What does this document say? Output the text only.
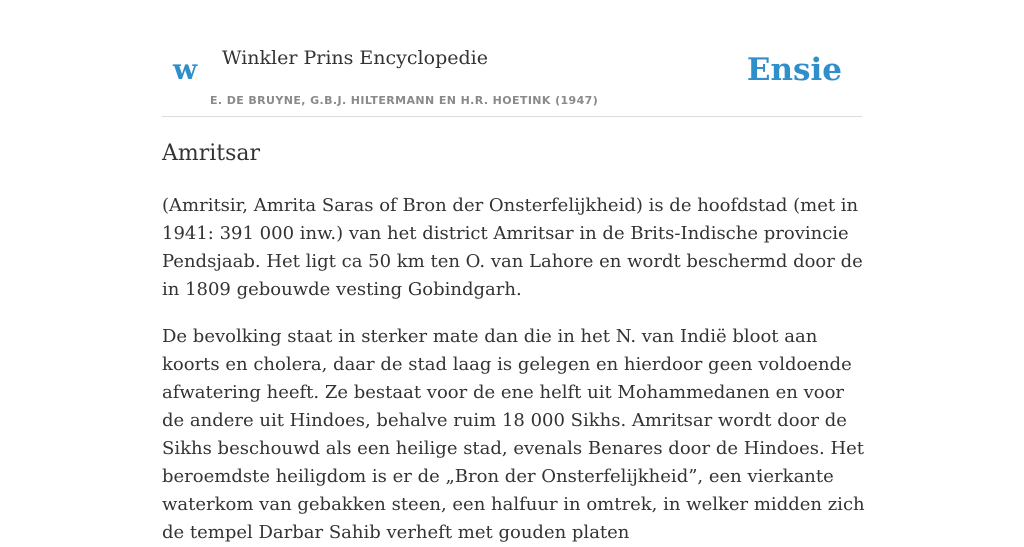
w Winkler Prins Encyclopedie
E. DE BRUYNE, G.B.J. HILTERMANN EN H.R. HOETINK (1947)
Ensie
Amritsar

(Amritsir, Amrita Saras of Bron der Onsterfelijkheid) is de hoofdstad (met in 1941: 391 000 inw.) van het district Amritsar in de Brits-Indische provincie Pendsjaab. Het ligt ca 50 km ten O. van Lahore en wordt beschermd door de in 1809 gebouwde vesting Gobindgarh.

De bevolking staat in sterker mate dan die in het N. van Indië bloot aan koorts en cholera, daar de stad laag is gelegen en hierdoor geen voldoende afwatering heeft. Ze bestaat voor de ene helft uit Mohammedanen en voor de andere uit Hindoes, behalve ruim 18 000 Sikhs. Amritsar wordt door de Sikhs beschouwd als een heilige stad, evenals Benares door de Hindoes. Het beroemdste heiligdom is er de „Bron der Onsterfelijkheid”, een vierkante waterkom van gebakken steen, een halfuur in omtrek, in welker midden zich de tempel Darbar Sahib verheft met gouden platen
